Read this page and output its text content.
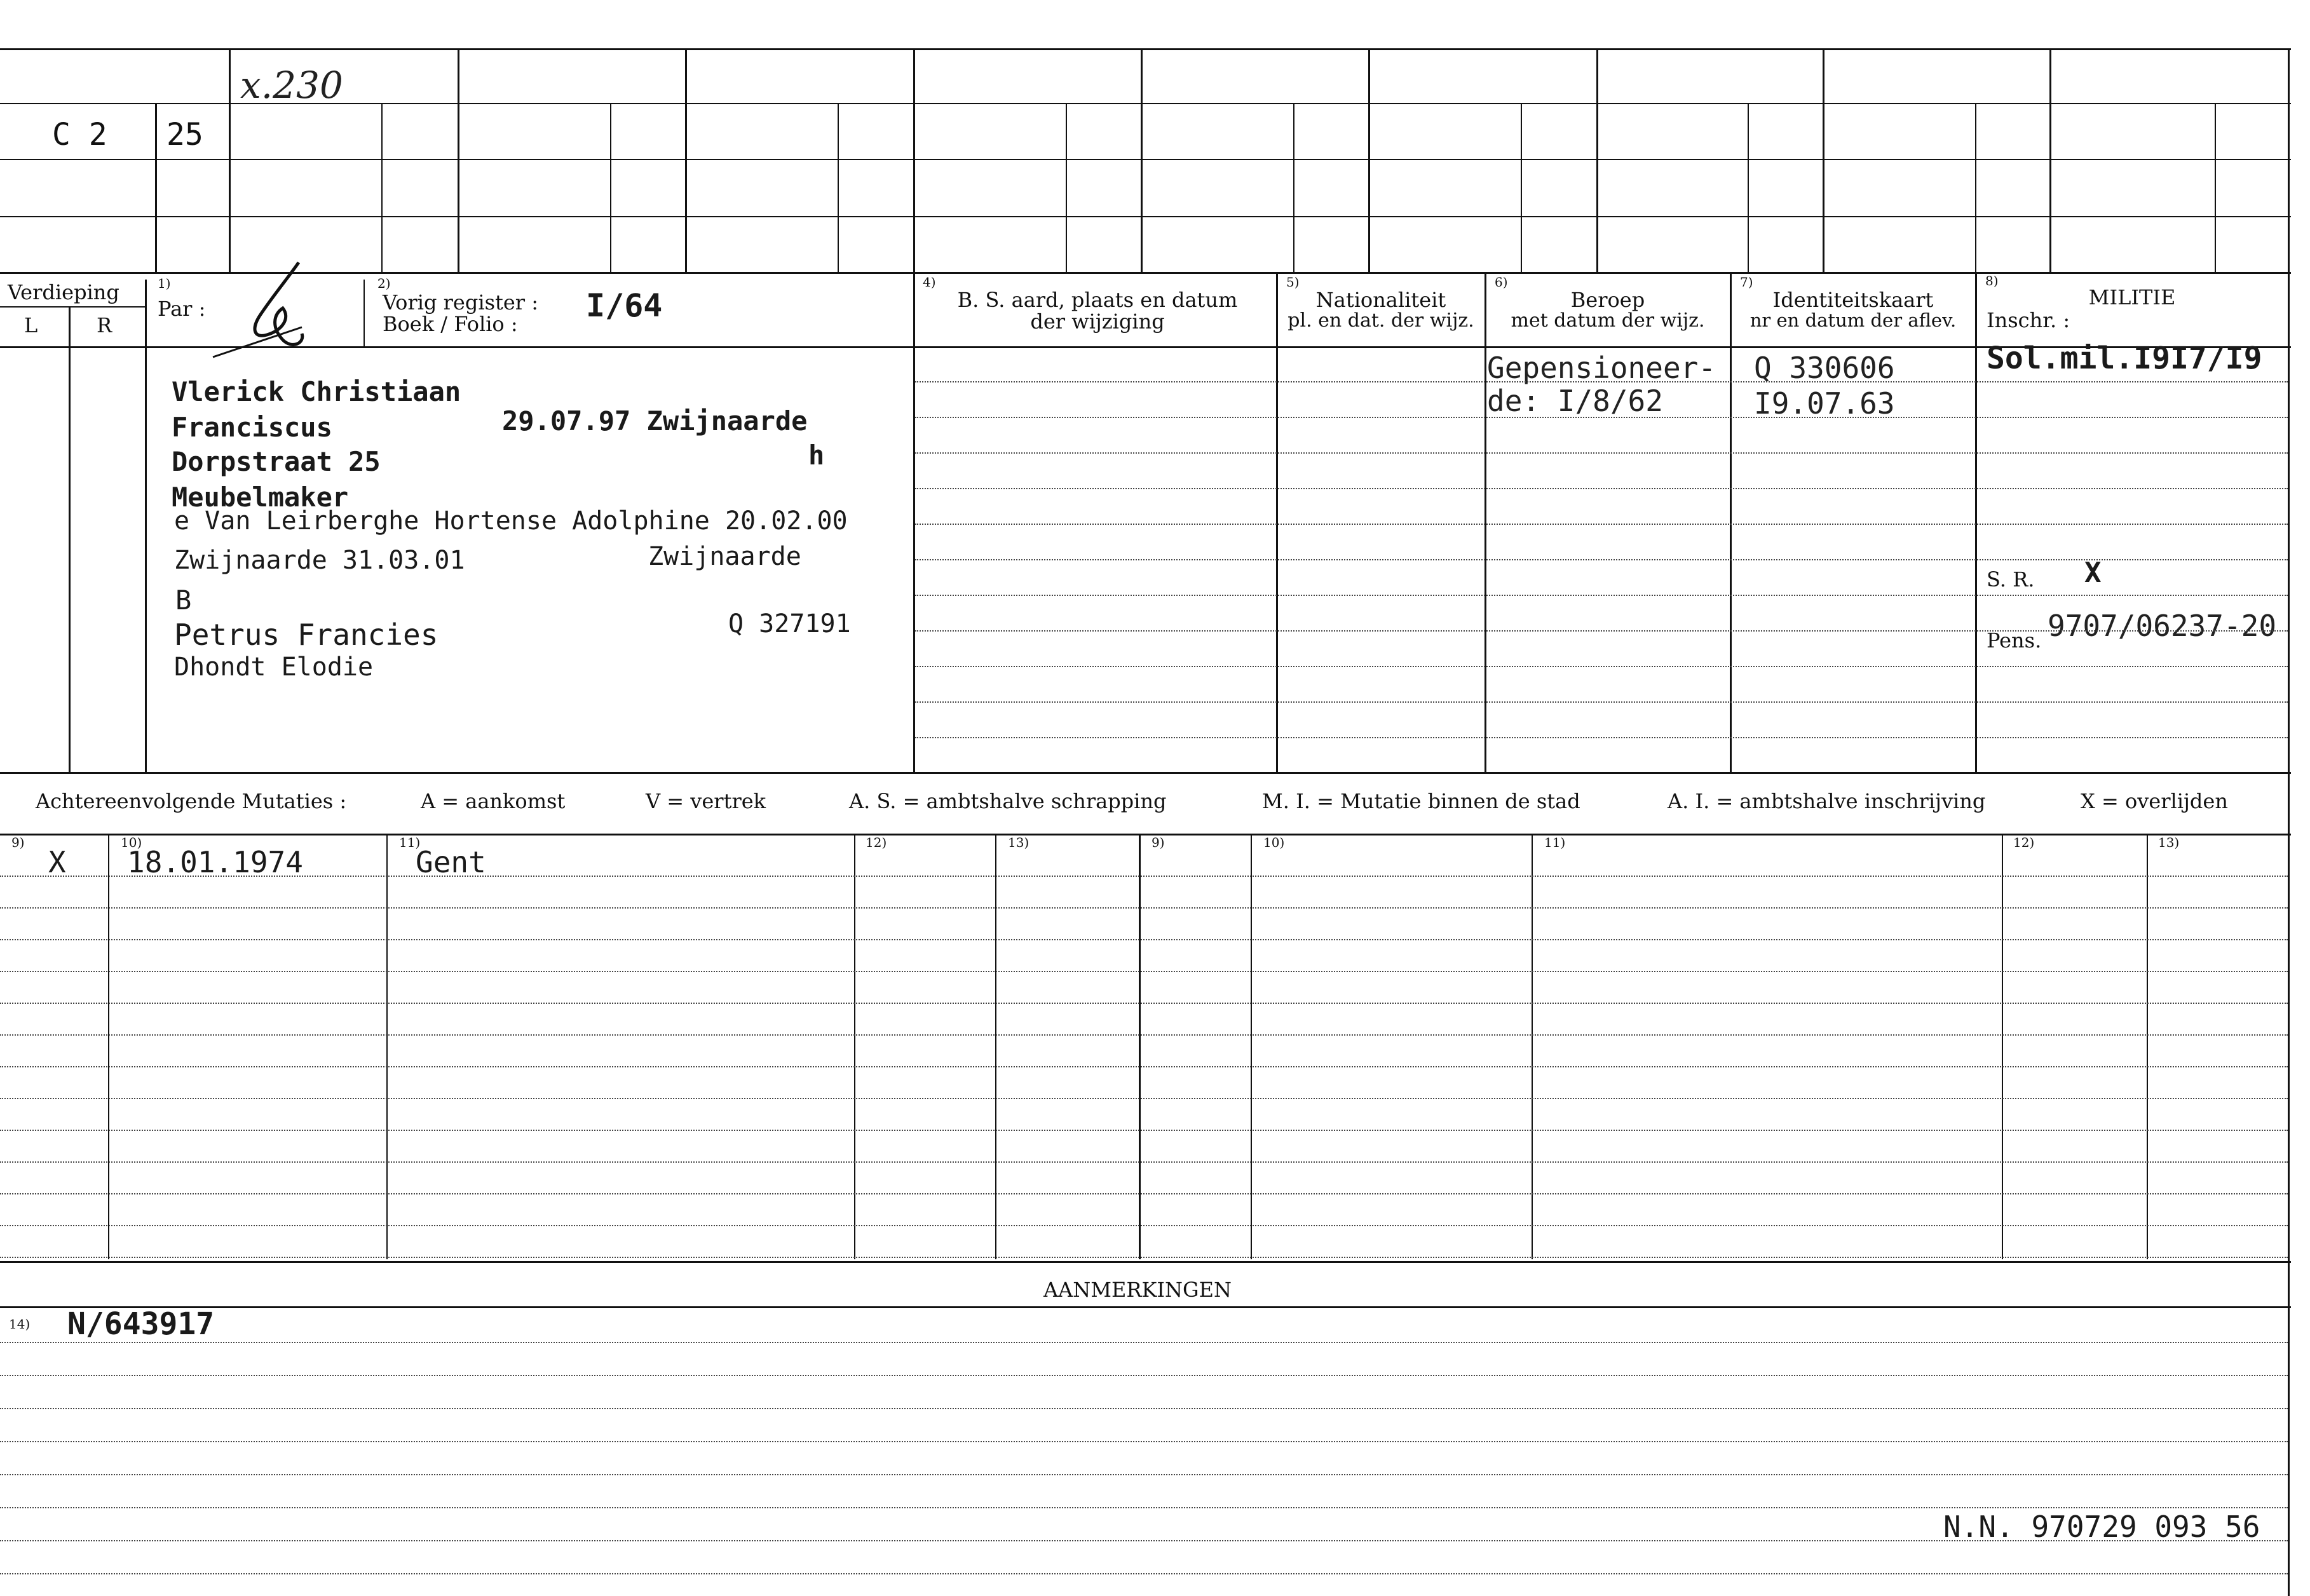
x.230
C 2 25
Verdieping
L	R
1)
Par :
2)
Vorig register :
Boek / Folio : I/64
4)
B. S. aard, plaats en datum
der wijziging
5)
Nationaliteit
pl. en dat. der wijz.
6)
Beroep
met datum der wijz.
7)
Identiteitskaart
nr en datum der aflev.
8)
MILITIE
Inschr. :
Vlerick Christiaan
Franciscus	29.07.97 Zwijnaarde
Dorpstraat 25	h
Meubelmaker
e Van Leirberghe Hortense Adolphine 20.02.00
Zwijnaarde 31.03.01	Zwijnaarde
B
Petrus Francies	Q 327191
Dhondt Elodie
Gepensioneer-
de: I/8/62
Q 330606
I9.07.63
Sol.mil.I9I7/I9
S. R. X
Pens. 9707/06237-20
Achtereenvolgende Mutaties :	A = aankomst	V = vertrek	A. S. = ambtshalve schrapping	M. I. = Mutatie binnen de stad	A. I. = ambtshalve inschrijving	X = overlijden
9)	10)	11)	12)	13)	9)	10)	11)	12)	13)
X 18.01.1974	Gent
AANMERKINGEN
14) N/643917
N.N. 970729 093 56
